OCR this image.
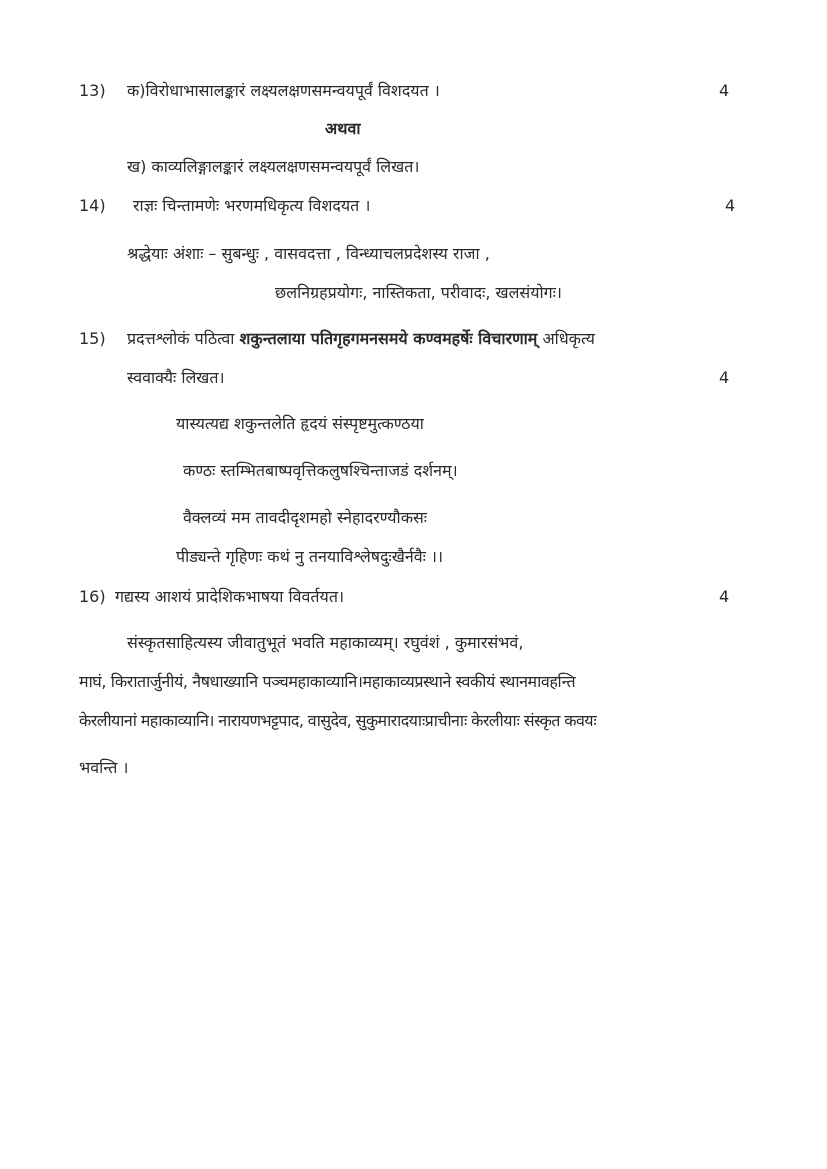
13) क)विरोधाभासालङ्कारं लक्ष्यलक्षणसमन्वयपूर्वं विशदयत ।	4
अथवा
ख) काव्यलिङ्गालङ्कारं लक्ष्यलक्षणसमन्वयपूर्वं लिखत।
14) राज्ञः चिन्तामणेः भरणमधिकृत्य विशदयत ।	4
श्रद्धेयाः अंशाः – सुबन्धुः , वासवदत्ता , विन्ध्याचलप्रदेशस्य राजा ,
छलनिग्रहप्रयोगः, नास्तिकता, परीवादः, खलसंयोगः।
15) प्रदत्तश्लोकं पठित्वा शकुन्तलाया पतिगृहगमनसमये कण्वमहर्षेः विचारणाम् अधिकृत्य
स्ववाक्यैः लिखत।	4
यास्यत्यद्य शकुन्तलेति हृदयं संस्पृष्टमुत्कण्ठया
कण्ठः स्तम्भितबाष्पवृत्तिकलुषश्चिन्ताजडं दर्शनम्।
वैक्लव्यं मम तावदीदृशमहो स्नेहादरण्यौकसः
पीड्यन्ते गृहिणः कथं नु तनयाविश्लेषदुःखैर्नवैः ।।
16) गद्यस्य आशयं प्रादेशिकभाषया विवर्तयत।	4
संस्कृतसाहित्यस्य जीवातुभूतं भवति महाकाव्यम्। रघुवंशं , कुमारसंभवं,
माघं, किरातार्जुनीयं, नैषधाख्यानि पञ्चमहाकाव्यानि।महाकाव्यप्रस्थाने स्वकीयं स्थानमावहन्ति
केरलीयानां महाकाव्यानि। नारायणभट्टपाद, वासुदेव, सुकुमारादयाःप्राचीनाः केरलीयाः संस्कृत कवयः
भवन्ति ।
